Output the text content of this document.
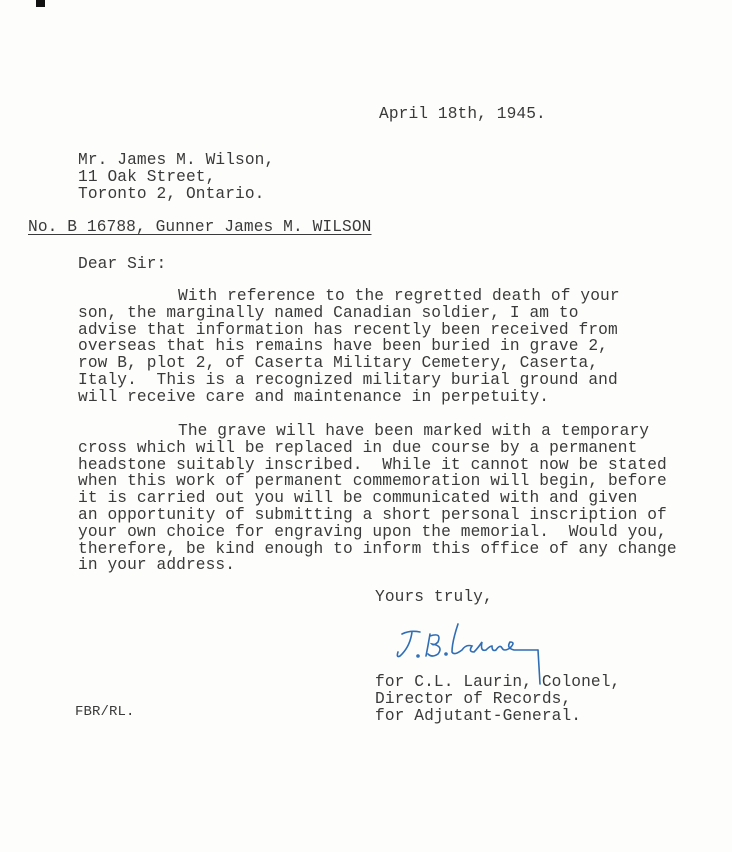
April 18th, 1945.
Mr. James M. Wilson,
11 Oak Street,
Toronto 2, Ontario.
No. B 16788, Gunner James M. WILSON
Dear Sir:
With reference to the regretted death of your
son, the marginally named Canadian soldier, I am to
advise that information has recently been received from
overseas that his remains have been buried in grave 2,
row B, plot 2, of Caserta Military Cemetery, Caserta,
Italy.  This is a recognized military burial ground and
will receive care and maintenance in perpetuity.
The grave will have been marked with a temporary
cross which will be replaced in due course by a permanent
headstone suitably inscribed.  While it cannot now be stated
when this work of permanent commemoration will begin, before
it is carried out you will be communicated with and given
an opportunity of submitting a short personal inscription of
your own choice for engraving upon the memorial.  Would you,
therefore, be kind enough to inform this office of any change
in your address.
Yours truly,
for C.L. Laurin, Colonel,
Director of Records,
for Adjutant-General.
FBR/RL.
